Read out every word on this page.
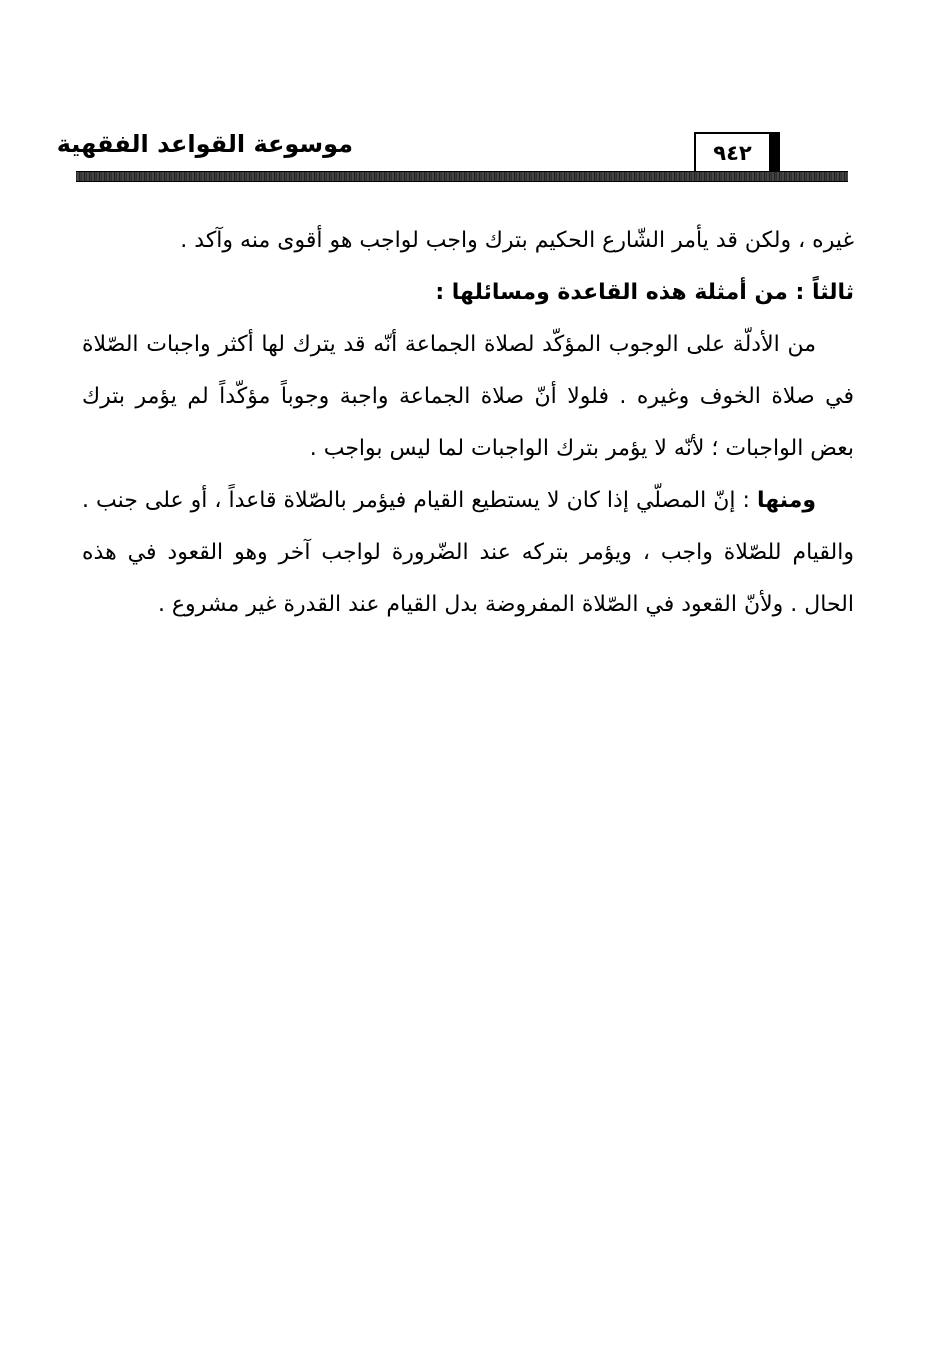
موسوعة القواعد الفقهية	٩٤٢

غيره ، ولكن قد يأمر الشّارع الحكيم بترك واجب لواجب هو أقوى منه وآكد .

ثالثاً : من أمثلة هذه القاعدة ومسائلها :

من الأدلّة على الوجوب المؤكّد لصلاة الجماعة أنّه قد يترك لها أكثر واجبات الصّلاة في صلاة الخوف وغيره . فلولا أنّ صلاة الجماعة واجبة وجوباً مؤكّداً لم يؤمر بترك بعض الواجبات ؛ لأنّه لا يؤمر بترك الواجبات لما ليس بواجب .

ومنها : إنّ المصلّي إذا كان لا يستطيع القيام فيؤمر بالصّلاة قاعداً ، أو على جنب . والقيام للصّلاة واجب ، ويؤمر بتركه عند الضّرورة لواجب آخر وهو القعود في هذه الحال . ولأنّ القعود في الصّلاة المفروضة بدل القيام عند القدرة غير مشروع .
